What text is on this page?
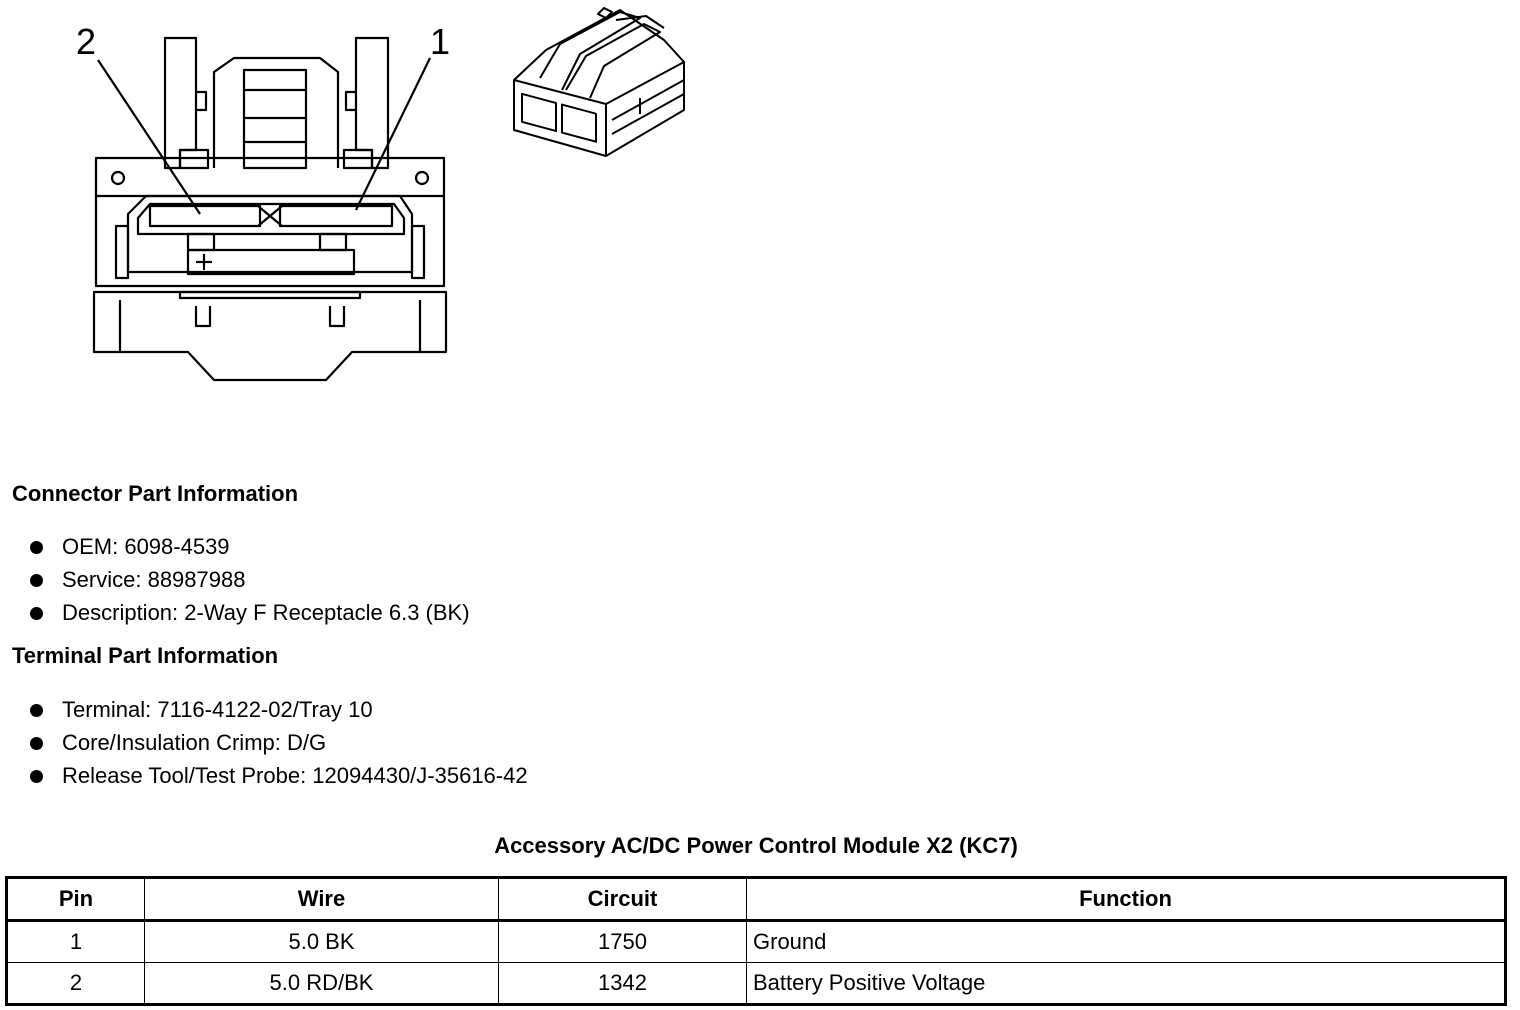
2	1
Connector Part Information
OEM: 6098-4539
Service: 88987988
Description: 2-Way F Receptacle 6.3 (BK)
Terminal Part Information
Terminal: 7116-4122-02/Tray 10
Core/Insulation Crimp: D/G
Release Tool/Test Probe: 12094430/J-35616-42
Accessory AC/DC Power Control Module X2 (KC7)
Pin	Wire	Circuit	Function
1	5.0 BK	1750	Ground
2	5.0 RD/BK	1342	Battery Positive Voltage
